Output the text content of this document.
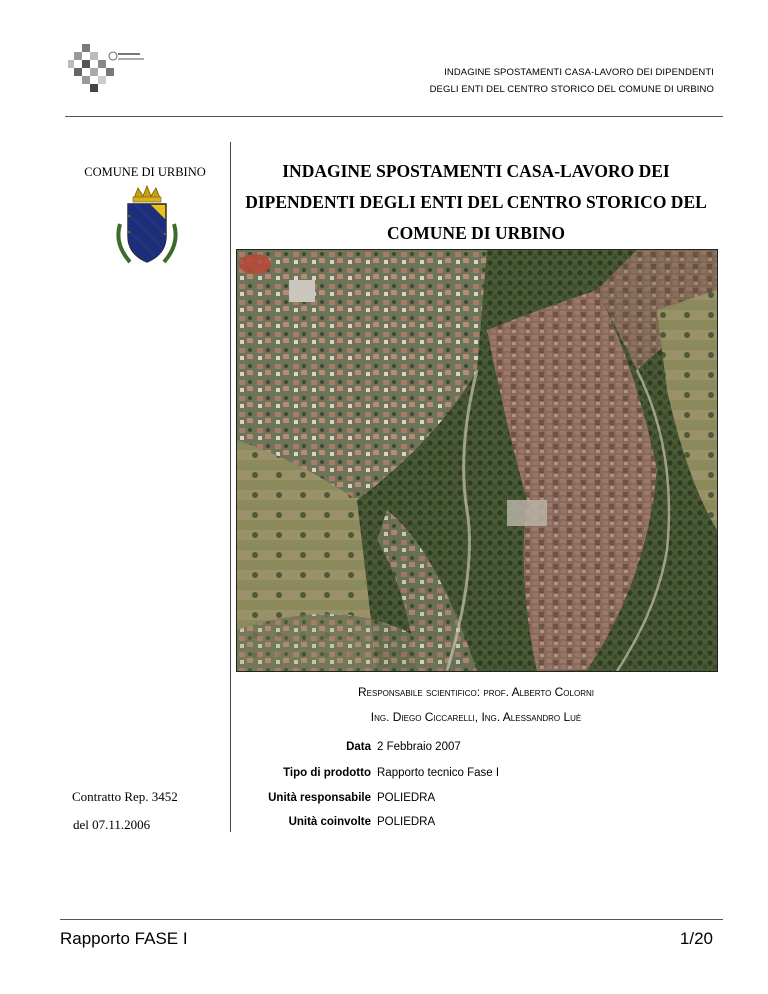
INDAGINE SPOSTAMENTI CASA-LAVORO DEI DIPENDENTI
DEGLI ENTI DEL CENTRO STORICO DEL COMUNE DI URBINO
COMUNE DI URBINO
Contratto Rep. 3452
del 07.11.2006
INDAGINE SPOSTAMENTI CASA-LAVORO DEI
DIPENDENTI DEGLI ENTI DEL CENTRO STORICO DEL
COMUNE DI URBINO
Responsabile scientifico: prof. Alberto Colorni
Ing. Diego Ciccarelli, Ing. Alessandro Luè
Data 2 Febbraio 2007
Tipo di prodotto Rapporto tecnico Fase I
Unità responsabile POLIEDRA
Unità coinvolte POLIEDRA
Rapporto FASE I	1/20
